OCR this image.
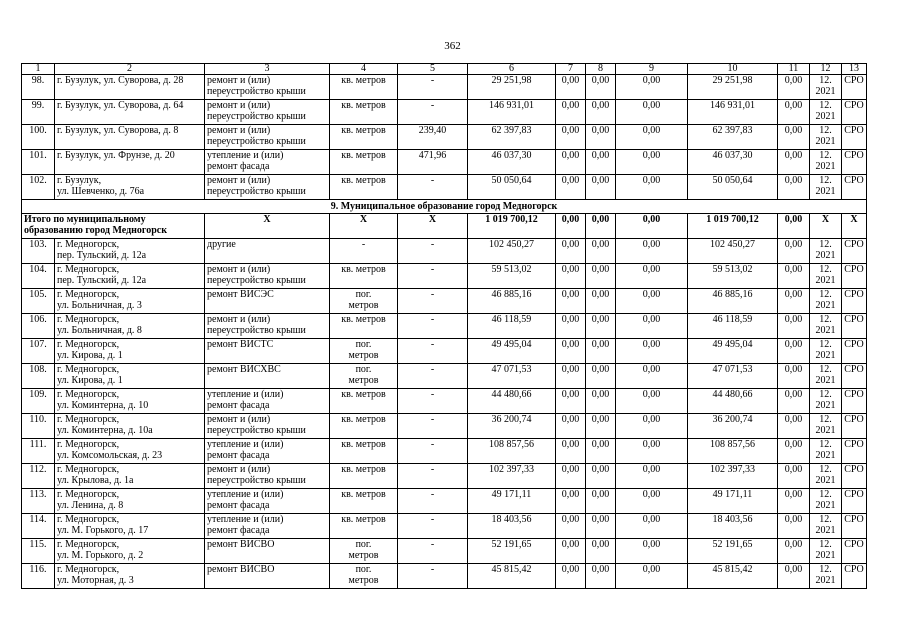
362
1	2	3	4	5	6	7	8	9	10	11	12	13
98.	г. Бузулук, ул. Суворова, д. 28	ремонт и (или)
переустройство крыши	кв. метров	-	29 251,98	0,00	0,00	0,00	29 251,98	0,00	12.
2021	СРО
99.	г. Бузулук, ул. Суворова, д. 64	ремонт и (или)
переустройство крыши	кв. метров	-	146 931,01	0,00	0,00	0,00	146 931,01	0,00	12.
2021	СРО
100.	г. Бузулук, ул. Суворова, д. 8	ремонт и (или)
переустройство крыши	кв. метров	239,40	62 397,83	0,00	0,00	0,00	62 397,83	0,00	12.
2021	СРО
101.	г. Бузулук, ул. Фрунзе, д. 20	утепление и (или)
ремонт фасада	кв. метров	471,96	46 037,30	0,00	0,00	0,00	46 037,30	0,00	12.
2021	СРО
102.	г. Бузулук,
ул. Шевченко, д. 76а	ремонт и (или)
переустройство крыши	кв. метров	-	50 050,64	0,00	0,00	0,00	50 050,64	0,00	12.
2021	СРО
9. Муниципальное образование город Медногорск												
Итого по муниципальному
образованию город Медногорск		X	X	X	1 019 700,12	0,00	0,00	0,00	1 019 700,12	0,00	X	X
103.	г. Медногорск,
пер. Тульский, д. 12а	другие	-	-	102 450,27	0,00	0,00	0,00	102 450,27	0,00	12.
2021	СРО
104.	г. Медногорск,
пер. Тульский, д. 12а	ремонт и (или)
переустройство крыши	кв. метров	-	59 513,02	0,00	0,00	0,00	59 513,02	0,00	12.
2021	СРО
105.	г. Медногорск,
ул. Больничная, д. 3	ремонт ВИСЭС	пог.
метров	-	46 885,16	0,00	0,00	0,00	46 885,16	0,00	12.
2021	СРО
106.	г. Медногорск,
ул. Больничная, д. 8	ремонт и (или)
переустройство крыши	кв. метров	-	46 118,59	0,00	0,00	0,00	46 118,59	0,00	12.
2021	СРО
107.	г. Медногорск,
ул. Кирова, д. 1	ремонт ВИСТС	пог.
метров	-	49 495,04	0,00	0,00	0,00	49 495,04	0,00	12.
2021	СРО
108.	г. Медногорск,
ул. Кирова, д. 1	ремонт ВИСХВС	пог.
метров	-	47 071,53	0,00	0,00	0,00	47 071,53	0,00	12.
2021	СРО
109.	г. Медногорск,
ул. Коминтерна, д. 10	утепление и (или)
ремонт фасада	кв. метров	-	44 480,66	0,00	0,00	0,00	44 480,66	0,00	12.
2021	СРО
110.	г. Медногорск,
ул. Коминтерна, д. 10а	ремонт и (или)
переустройство крыши	кв. метров	-	36 200,74	0,00	0,00	0,00	36 200,74	0,00	12.
2021	СРО
111.	г. Медногорск,
ул. Комсомольская, д. 23	утепление и (или)
ремонт фасада	кв. метров	-	108 857,56	0,00	0,00	0,00	108 857,56	0,00	12.
2021	СРО
112.	г. Медногорск,
ул. Крылова, д. 1а	ремонт и (или)
переустройство крыши	кв. метров	-	102 397,33	0,00	0,00	0,00	102 397,33	0,00	12.
2021	СРО
113.	г. Медногорск,
ул. Ленина, д. 8	утепление и (или)
ремонт фасада	кв. метров	-	49 171,11	0,00	0,00	0,00	49 171,11	0,00	12.
2021	СРО
114.	г. Медногорск,
ул. М. Горького, д. 17	утепление и (или)
ремонт фасада	кв. метров	-	18 403,56	0,00	0,00	0,00	18 403,56	0,00	12.
2021	СРО
115.	г. Медногорск,
ул. М. Горького, д. 2	ремонт ВИСВО	пог.
метров	-	52 191,65	0,00	0,00	0,00	52 191,65	0,00	12.
2021	СРО
116.	г. Медногорск,
ул. Моторная, д. 3	ремонт ВИСВО	пог.
метров	-	45 815,42	0,00	0,00	0,00	45 815,42	0,00	12.
2021	СРО
